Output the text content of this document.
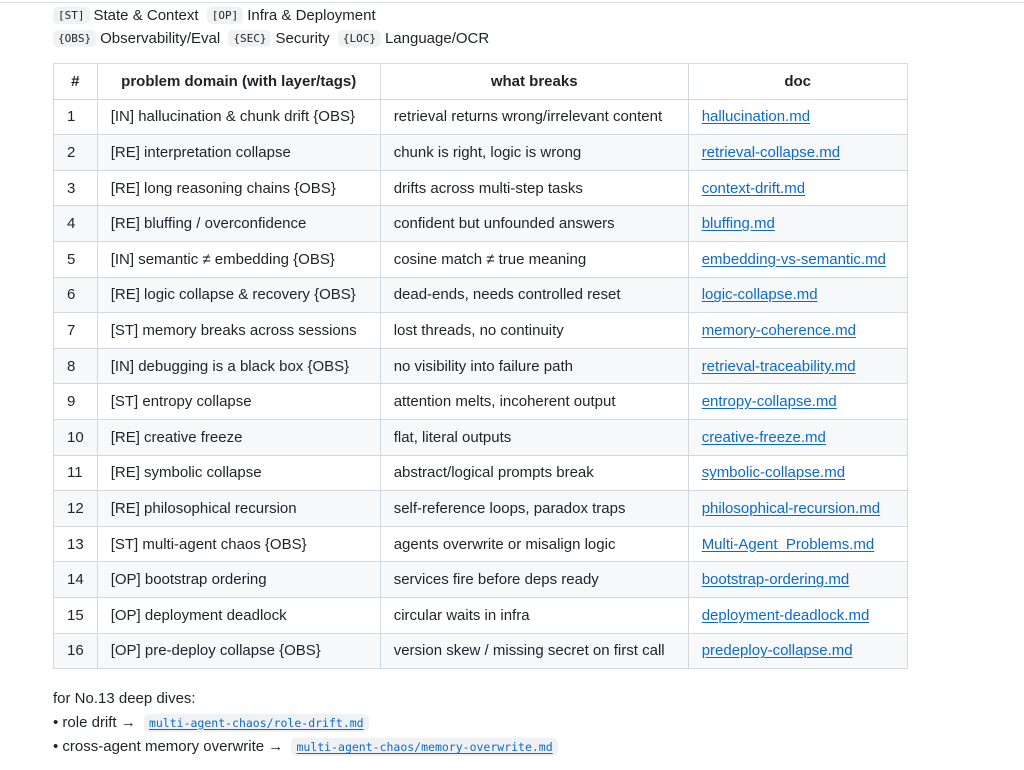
[ST] State & Context [OP] Infra & Deployment
{OBS} Observability/Eval {SEC} Security {LOC} Language/OCR
#	problem domain (with layer/tags)	what breaks	doc
1	[IN] hallucination & chunk drift {OBS}	retrieval returns wrong/irrelevant content	hallucination.md
2	[RE] interpretation collapse	chunk is right, logic is wrong	retrieval-collapse.md
3	[RE] long reasoning chains {OBS}	drifts across multi-step tasks	context-drift.md
4	[RE] bluffing / overconfidence	confident but unfounded answers	bluffing.md
5	[IN] semantic ≠ embedding {OBS}	cosine match ≠ true meaning	embedding-vs-semantic.md
6	[RE] logic collapse & recovery {OBS}	dead-ends, needs controlled reset	logic-collapse.md
7	[ST] memory breaks across sessions	lost threads, no continuity	memory-coherence.md
8	[IN] debugging is a black box {OBS}	no visibility into failure path	retrieval-traceability.md
9	[ST] entropy collapse	attention melts, incoherent output	entropy-collapse.md
10	[RE] creative freeze	flat, literal outputs	creative-freeze.md
11	[RE] symbolic collapse	abstract/logical prompts break	symbolic-collapse.md
12	[RE] philosophical recursion	self-reference loops, paradox traps	philosophical-recursion.md
13	[ST] multi-agent chaos {OBS}	agents overwrite or misalign logic	Multi-Agent_Problems.md
14	[OP] bootstrap ordering	services fire before deps ready	bootstrap-ordering.md
15	[OP] deployment deadlock	circular waits in infra	deployment-deadlock.md
16	[OP] pre-deploy collapse {OBS}	version skew / missing secret on first call	predeploy-collapse.md
for No.13 deep dives:
• role drift → multi-agent-chaos/role-drift.md
• cross-agent memory overwrite → multi-agent-chaos/memory-overwrite.md
